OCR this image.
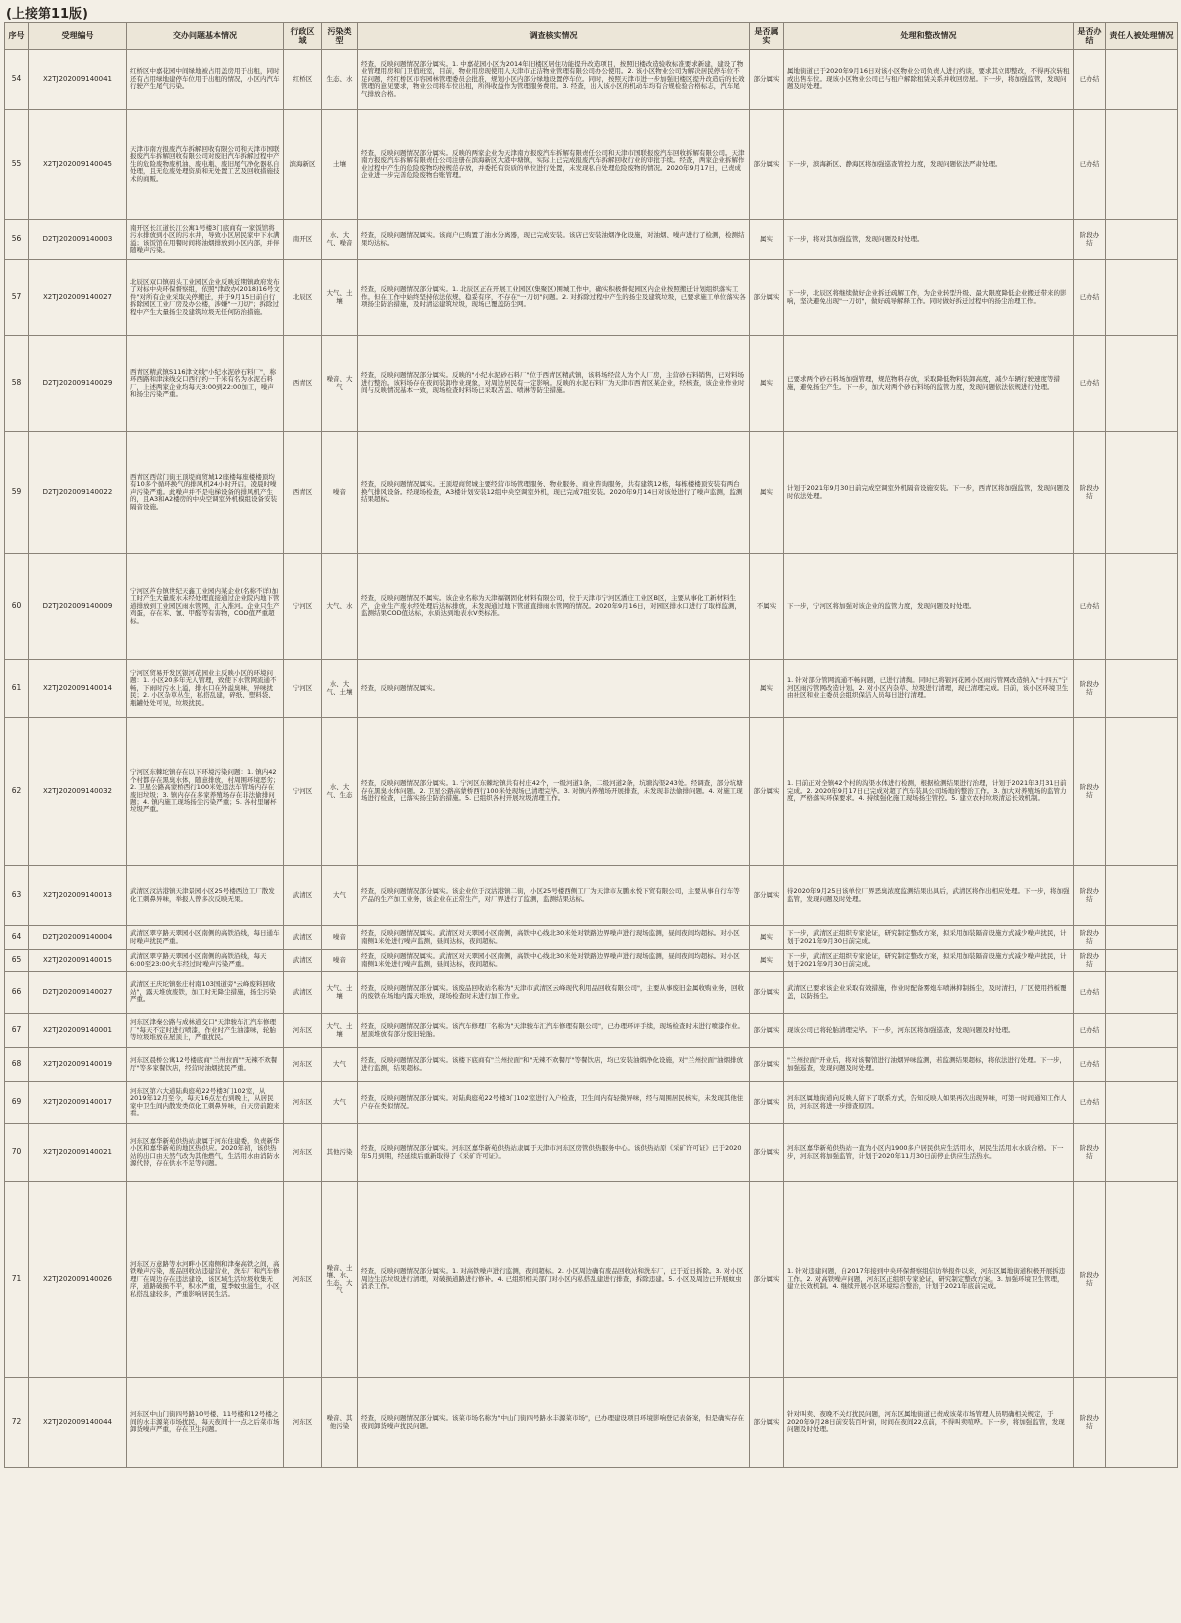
(上接第11版)
序号	受理编号	交办问题基本情况	行政区域	污染类型	调查核实情况	是否属实	处理和整改情况	是否办结	责任人被处理情况
54	X2TJ202009140041	红桥区中嘉花园中间绿地被占用盖房用于出租，同时还有占用绿地建停车位用于出租的情况，小区内汽车行驶产生尾气污染。	红桥区	生态、水	经查，反映问题情况部分属实。1. 中嘉花园小区为2014年旧楼区居住功能提升改造项目，按照旧楼改造验收标准要求新建，建设了物业管理用房和门卫值班室，目前，物业用房现使用人天津市正洁物业管理有限公司办公使用。2. 该小区物业公司为解决居民停车位不足问题，经红桥区市容园林管理委员会批准，规划小区内部分绿地设置停车位。同时，按照天津市进一步加强旧楼区提升改造后的长效管理的意见要求，物业公司将车位出租，所得收益作为管理服务费用。3. 经查，出入该小区的机动车均有合规检验合格标志，汽车尾气排放合格。	部分属实	属地街道已于2020年9月16日对该小区物业公司负责人进行约谈，要求其立即整改，不得再次转租或出售车位。现该小区物业公司已与租户解除租赁关系并收回房屋。下一步，将加强监管，发现问题及时处理。	已办结	
55	X2TJ202009140045	天津市南方报废汽车拆解回收有限公司和天津市国联报废汽车拆解回收有限公司对废旧汽车拆解过程中产生的危险废物废机油、废电瓶、废旧尾气净化器私自处理，且无危废处理资质和无处置工艺及回收措施技术的商贩。	滨海新区	土壤	经查，反映问题情况部分属实。反映的两家企业为天津南方报废汽车拆解有限责任公司和天津市国联报废汽车回收拆解有限公司。天津南方报废汽车拆解有限责任公司注册在滨海新区大港中塘镇，实际上已完成报废汽车拆解回收行业的审批手续。经查，两家企业拆解作业过程中产生的危险废物均按规范存放，并委托有资质的单位进行处置，未发现私自处理危险废物的情况。2020年9月17日，已责成企业进一步完善危险废物台账管理。	部分属实	下一步，滨海新区、静海区将加强巡查管控力度，发现问题依法严肃处理。	已办结	
56	D2TJ202009140003	南开区长江道长江公寓1号楼3门底商有一家饭馆将污水排放到小区的污水井，导致小区居民家中下水满溢；该饭馆在用餐时间将油烟排放到小区内部，并伴随噪声污染。	南开区	水、大气、噪音	经查，反映问题情况属实。该商户已购置了油水分离器，现已完成安装。该店已安装油烟净化设施，对油烟、噪声进行了检测，检测结果均达标。	属实	下一步，将对其加强监管，发现问题及时处理。	阶段办结	
57	X2TJ202009140027	北辰区双口镇码头工业园区企业反映近期镇政府发布了对标中央环保督察组，依照"津政办(2018)16号文件"对所有企业采取关停搬迁，并于9月15日前自行拆除园区工业厂房及办公楼，涉嫌"一刀切"；拆除过程中产生大量扬尘及建筑垃圾无任何防治措施。	北辰区	大气、土壤	经查，反映问题情况部分属实。1. 北辰区正在开展工业园区(集聚区)围城工作中，确实积极督促园区内企业按照搬迁计划组织落实工作。但在工作中始终坚持依法依规、稳妥有序，不存在"一刀切"问题。2. 对拆除过程中产生的扬尘及建筑垃圾，已要求施工单位落实各项扬尘防治措施，及时清运建筑垃圾，现场已覆盖防尘网。	部分属实	下一步，北辰区将继续做好企业拆迁疏解工作，为企业转型升级、最大限度降低企业搬迁带来的影响，坚决避免出现"一刀切"，做好疏导解释工作。同时做好拆迁过程中的扬尘治理工作。	已办结	
58	D2TJ202009140029	西青区精武镇S116津文线"小纪水泥砂石料厂"，称环西路和津涞线交口西行约一千米有名为水泥石料厂，上述两家企业均每天3:00到22:00加工，噪声和扬尘污染严重。	西青区	噪音、大气	经查，反映问题情况部分属实。反映的"小纪水泥砂石料厂"位于西青区精武镇，该料场经营人为个人厂房，主营砂石料销售，已对料场进行整治。该料场存在夜间装卸作业现象，对周边居民有一定影响。反映的水泥石料厂为天津市西青区某企业，经核查，该企业作业时间与反映情况基本一致，现场检查时料场已采取苫盖、喷淋等防尘措施。	属实	已要求两个砂石料场加强管理，规范物料存放，采取降低物料装卸高度，减少车辆行驶速度等措施，避免扬尘产生。下一步，加大对两个砂石料场的监管力度，发现问题依法依规进行处理。	已办结	
59	D2TJ202009140022	西青区西营门街王顶堤商贸城12座楼每座楼楼顶均有10多个循环换气的排风机24小时开启，凌晨时噪声污染严重。此噪声并不是电梯设备的排风机产生的，且A3和A2楼房的中央空调室外机模组设备安装隔音设施。	西青区	噪音	经查，反映问题情况属实。王顶堤商贸城主要经营市场管理服务、物业服务、商业咨询服务，共有建筑12栋，每栋楼楼顶安装有两台换气排风设备。经现场检查，A3楼计划安装12组中央空调室外机，现已完成7组安装。2020年9月14日对该处进行了噪声监测，监测结果超标。	属实	计划于2021年9月30日前完成空调室外机隔音设施安装。下一步，西青区将加强监管，发现问题及时依法处理。	阶段办结	
60	D2TJ202009140009	宁河区芦台镇世纪天鑫工业园内某企业(名称不详)加工时产生大量废水未经处理直接通过企业院内地下管道排放到工业园区雨水管网，汇入淮河。企业只生产鸡蛋，存在苯、氰、甲醛等有害物，COD值严重超标。	宁河区	大气、水	经查，反映问题情况不属实。该企业名称为天津福钢固化材料有限公司，位于天津市宁河区潘庄工业区B区，主要从事化工新材料生产，企业生产废水经处理后达标排放，未发现通过地下管道直排雨水管网的情况。2020年9月16日，对园区排水口进行了取样监测，监测结果COD值达标，水质达到地表水V类标准。	不属实	下一步，宁河区将加强对该企业的监管力度，发现问题及时处理。	已办结	
61	X2TJ202009140014	宁河区贸易开发区银河花园业主反映小区的环境问题：1. 小区20多年无人管理，致使下水管网流通不畅，下雨时污水上溢，排水口在外溢臭味，异味扰民；2. 小区杂草丛生，私搭乱建，碎纸、塑料袋、瓶罐处处可见，垃圾扰民。	宁河区	水、大气、土壤	经查，反映问题情况属实。	属实	1. 针对部分管网流通不畅问题，已进行清掏。同时已将银河花园小区雨污管网改造纳入"十四五"宁河区雨污管网改造计划。2. 对小区内杂草、垃圾进行清理，现已清理完成。目前，该小区环境卫生由社区和业主委员会组织保洁人员每日进行清理。	阶段办结	
62	X2TJ202009140032	宁河区东棘坨镇存在以下环境污染问题：1. 镇内42个村都存在黑臭水体，随意排放，村周围环境恶劣；2. 卫星公路高蒙桥西行100米处违法车管场内存在废旧垃圾；3. 镇内存在多家养殖场存在非法偷排问题；4. 镇内施工现场扬尘污染严重；5. 各村里屠杯垃圾严重。	宁河区	水、大气、生态	经查，反映问题情况部分属实。1. 宁河区东棘坨镇共有村庄42个，一级河道1条，二级河道2条，坑塘沟渠243处。经调查，部分坑塘存在黑臭水体问题。2. 卫星公路高蒙桥西行100米处现场已清理完毕。3. 对镇内养殖场开展排查，未发现非法偷排问题。4. 对施工现场进行检查，已落实扬尘防治措施。5. 已组织各村开展垃圾清理工作。	部分属实	1. 目前正对全镇42个村的沟渠水体进行检测，根据检测结果进行治理，计划于2021年3月31日前完成。2. 2020年9月17日已完成对超了汽车装具公司场地的整治工作。3. 加大对养殖场的监管力度，严格落实环保要求。4. 持续强化施工现场扬尘管控。5. 建立农村垃圾清运长效机制。	阶段办结	
63	X2TJ202009140013	武清区汊沽港镇天津景园小区25号楼西边工厂散发化工刺鼻异味，举报人曾多次反映无果。	武清区	大气	经查，反映问题情况部分属实。该企业位于汊沽港镇二街，小区25号楼西侧工厂为天津市友鹏永悦下贸有限公司，主要从事自行车等产品的生产加工业务，该企业在正常生产，对厂界进行了监测，监测结果达标。	部分属实	待2020年9月25日该单位厂界恶臭浓度监测结果出具后，武清区将作出相应处理。下一步，将加强监管，发现问题及时处理。	阶段办结	
64	D2TJ202009140004	武清区翠亨路天翠园小区南侧的高铁沿线，每日通车时噪声扰民严重。	武清区	噪音	经查，反映问题情况属实。武清区对天翠园小区南侧，高铁中心线北30米处对铁路边界噪声进行现场监测，昼间夜间均超标。对小区南侧1米处进行噪声监测，昼间达标，夜间超标。	属实	下一步，武清区正组织专家论证，研究制定整改方案，拟采用加装隔音设施方式减少噪声扰民，计划于2021年9月30日前完成。	阶段办结	
65	X2TJ202009140015	武清区翠亨路天翠园小区南侧的高铁沿线，每天6:00至23:00火车经过时噪声污染严重。	武清区	噪音	经查，反映问题情况属实。武清区对天翠园小区南侧，高铁中心线北30米处对铁路边界噪声进行现场监测，昼间夜间均超标。对小区南侧1米处进行噪声监测，昼间达标，夜间超标。	属实	下一步，武清区正组织专家论证，研究制定整改方案，拟采用加装隔音设施方式减少噪声扰民，计划于2021年9月30日前完成。	阶段办结	
66	D2TJ202009140027	武清区王庆坨镇张庄村南103国道旁"云峰废料回收站"，露天堆放废铁，加工时无降尘措施，扬尘污染严重。	武清区	大气、土壤	经查，反映问题情况部分属实。该废品回收站名称为"天津市武清区云峰现代利用品回收有限公司"，主要从事废旧金属收购业务，回收的废铁在场地内露天堆放，现场检查时未进行加工作业。	部分属实	武清区已要求该企业采取有效措施，作业时配备雾炮车喷淋抑制扬尘，及时清扫，厂区使用挡板覆盖，以防扬尘。	已办结	
67	X2TJ202009140001	河东区津秦公路与成林道交口"天津骏车汇汽车修理厂"每天不定时进行喷漆，作业时产生油漆味，轮胎等垃圾堆放在屋顶上，严重扰民。	河东区	大气、土壤	经查，反映问题情况部分属实。该汽车修理厂名称为"天津骏车汇汽车修理有限公司"，已办理环评手续，现场检查时未进行喷漆作业。屋顶堆放有部分废旧轮胎。	部分属实	现该公司已将轮胎清理完毕。下一步，河东区将加强巡查，发现问题及时处理。	已办结	
68	X2TJ202009140019	河东区晨桥公寓12号楼底商"兰州拉面""无辣不欢餐厅"等多家餐饮店，经营时油烟扰民严重。	河东区	大气	经查，反映问题情况部分属实。该楼下底商有"兰州拉面"和"无辣不欢餐厅"等餐饮店，均已安装油烟净化设施，对"兰州拉面"油烟排放进行监测，结果超标。	部分属实	"兰州拉面"开业后，将对该餐馆进行油烟异味监测，若监测结果超标，将依法进行处理。下一步，加强巡查，发现问题及时处理。	已办结	
69	X2TJ202009140017	河东区第六大道陆典庭苑22号楼3门102室，从2019年12月至今，每天16点左右到晚上，从居民家中卫生间内散发类似化工刺鼻异味，自天房前跑来看。	河东区	大气	经查，反映问题情况部分属实。对陆典庭苑22号楼3门102室进行入户检查，卫生间内有轻微异味，经与周围居民核实，未发现其他住户存在类似情况。	部分属实	河东区属地街道向反映人留下了联系方式，告知反映人如果再次出现异味，可第一时间通知工作人员，河东区将进一步排查原因。	已办结	
70	X2TJ202009140021	河东区嘉华新苑供热站隶属于河东住建委，负责新华小区和嘉华新苑的地区热供应。2020年初，该供热站的出口由天然气改为其他燃气，生活用水由消防水源代替，存在供水不足等问题。	河东区	其他污染	经查，反映问题情况部分属实。河东区嘉华新苑供热站隶属于天津市河东区房管供热服务中心。该供热站原《采矿许可证》已于2020年5月到期，经延续后重新取得了《采矿许可证》。	部分属实	河东区嘉华新苑供热站一直为小区内1900多户居民供应生活用水，居民生活用水水质合格。下一步，河东区将加强监管，计划于2020年11月30日前停止供应生活热水。	阶段办结	
71	X2TJ202009140026	河东区万意路等水河畔小区南侧和津秦高铁之间，高铁噪声污染，废品回收站违建营业，洗车厂和汽车修理厂在周边存在违法建设，该区域生活垃圾收集无序，道路破损不平，积水严重，夏季蚊虫滋生，小区私搭乱建较多，严重影响居民生活。	河东区	噪音、土壤、水、生态、大气	经查，反映问题情况部分属实。1. 对高铁噪声进行监测，夜间超标。2. 小区周边确有废品回收站和洗车厂，已于近日拆除。3. 对小区周边生活垃圾进行清理，对破损道路进行修补。4. 已组织相关部门对小区内私搭乱建进行排查，拆除违建。5. 小区及周边已开展蚊虫消杀工作。	部分属实	1. 针对违建问题，自2017年接到中央环保督察组信访举报件以来，河东区属地街道积极开展拆违工作。2. 对高铁噪声问题，河东区正组织专家论证，研究制定整改方案。3. 加强环境卫生管理，建立长效机制。4. 继续开展小区环境综合整治，计划于2021年底前完成。	阶段办结	
72	X2TJ202009140044	河东区中山门街四号路10号楼、11号楼和12号楼之间的水丰源菜市场扰民，每天夜间十一点之后菜市场卸货噪声严重，存在卫生问题。	河东区	噪音、其他污染	经查，反映问题情况部分属实。该菜市场名称为"中山门街四号路水丰源菜市场"，已办理建设项目环境影响登记表备案，但是确实存在夜间卸货噪声扰民问题。	部分属实	针对叫卖、夜晚不关灯扰民问题，河东区属地街道已责成该菜市场管理人员明确相关规定，于2020年9月28日前安装百叶窗，时间在夜间22点前，不得叫卖喧哗。下一步，将加强监管，发现问题及时处理。	阶段办结	
